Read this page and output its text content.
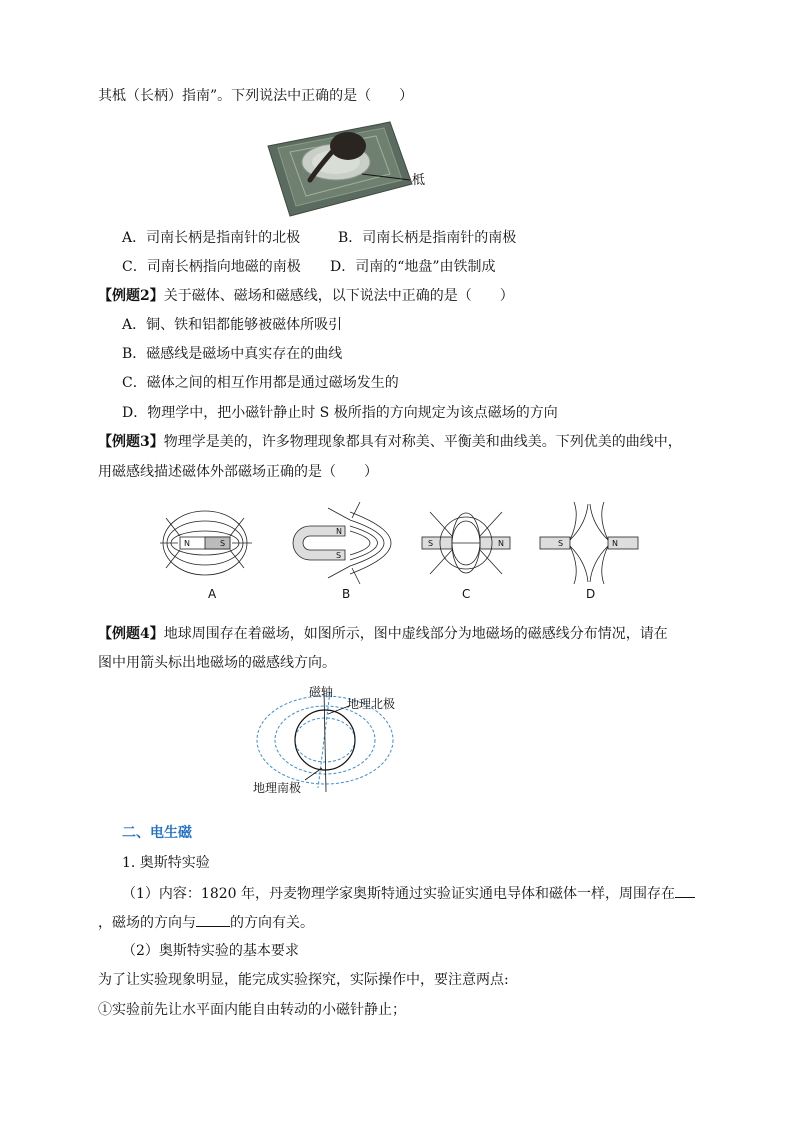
其柢（长柄）指南”。下列说法中正确的是（　　）
柢
A．司南长柄是指南针的北极	B．司南长柄是指南针的南极
C．司南长柄指向地磁的南极 D．司南的“地盘”由铁制成
【例题2】关于磁体、磁场和磁感线，以下说法中正确的是（　　）
A．铜、铁和铝都能够被磁体所吸引
B．磁感线是磁场中真实存在的曲线
C．磁体之间的相互作用都是通过磁场发生的
D．物理学中，把小磁针静止时 S 极所指的方向规定为该点磁场的方向
【例题3】物理学是美的，许多物理现象都具有对称美、平衡美和曲线美。下列优美的曲线中，
用磁感线描述磁体外部磁场正确的是（　　）
N	S
N
S
S	N	S	N
A	B	C	D
【例题4】地球周围存在着磁场，如图所示，图中虚线部分为地磁场的磁感线分布情况，请在
图中用箭头标出地磁场的磁感线方向。
磁轴
地理北极
地理南极
二、电生磁
1. 奥斯特实验
（1）内容：1820 年，丹麦物理学家奥斯特通过实验证实通电导体和磁体一样，周围存在
，磁场的方向与 的方向有关。
（2）奥斯特实验的基本要求
为了让实验现象明显，能完成实验探究，实际操作中，要注意两点:
①实验前先让水平面内能自由转动的小磁针静止；
